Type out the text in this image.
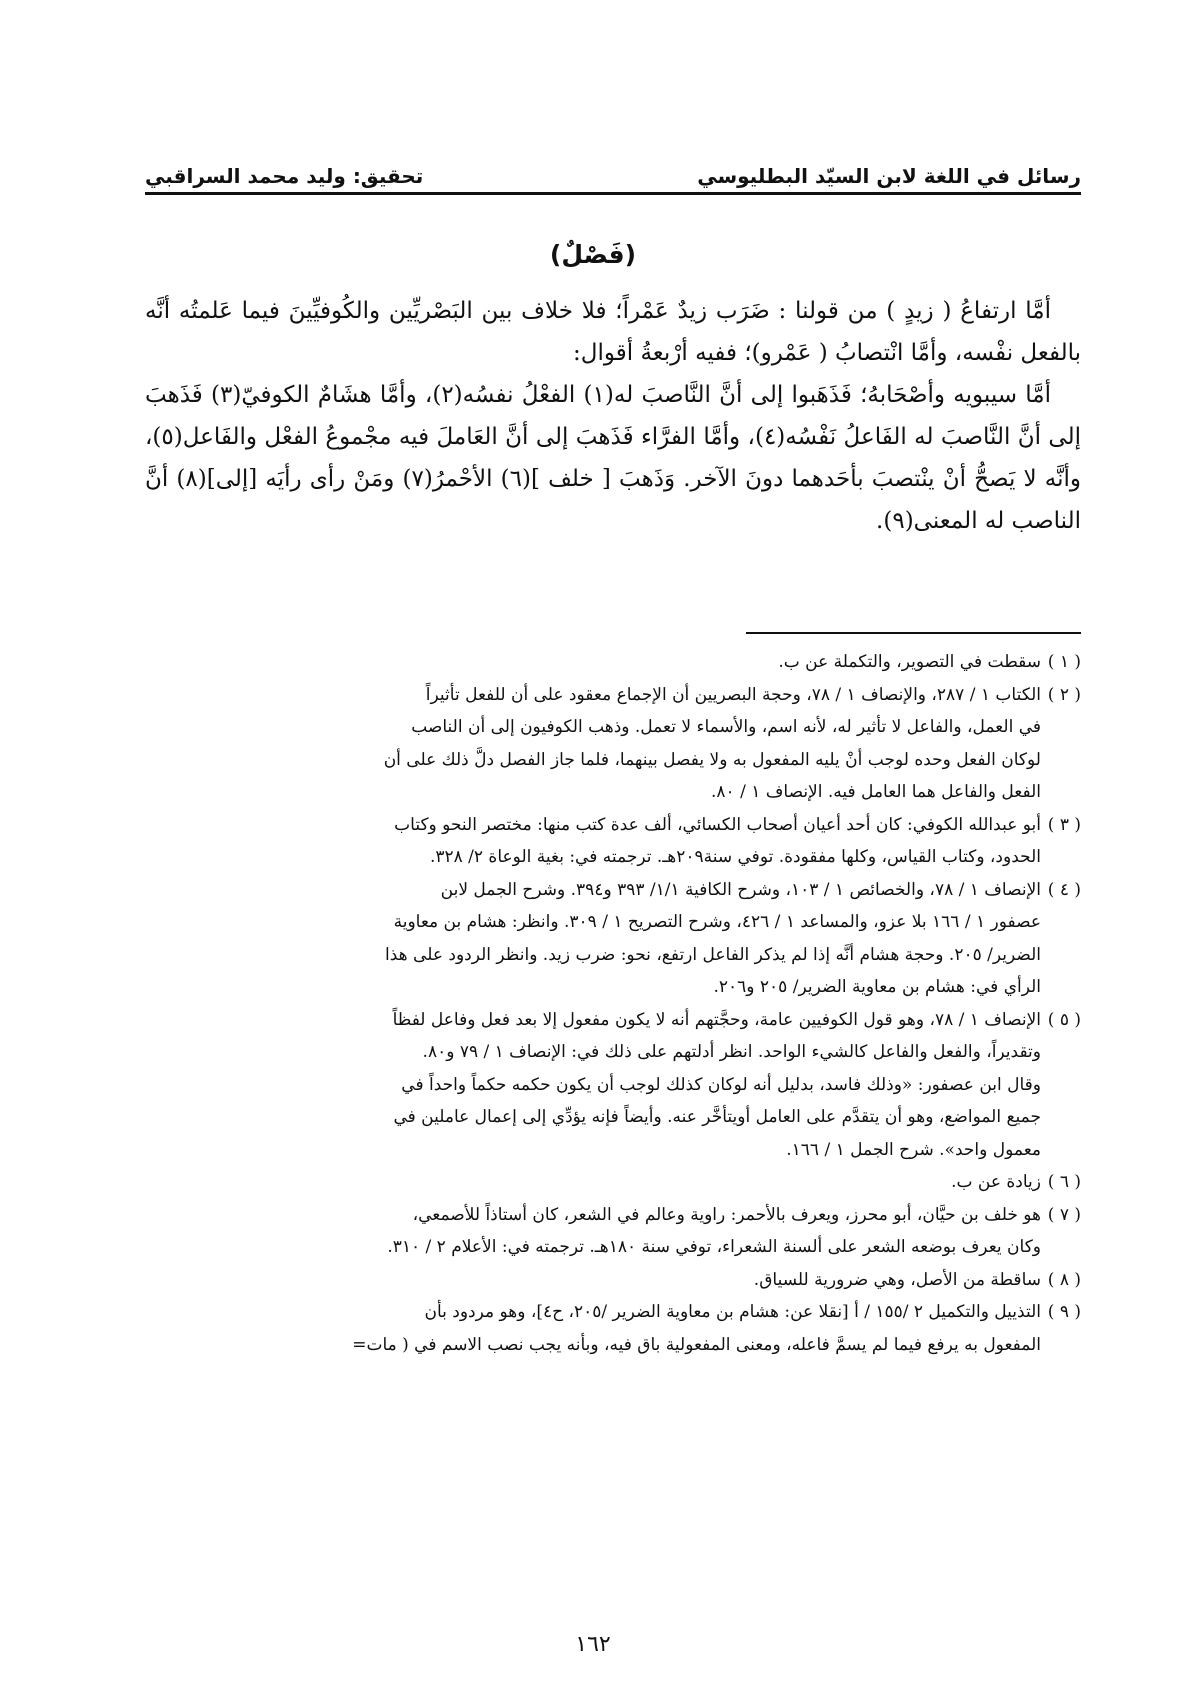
رسائل في اللغة لابن السيّد البطليوسي
تحقيق: وليد محمد السراقبي
(فَصْلٌ)

أمَّا ارتفاعُ ( زيدٍ ) من قولنا : ضَرَب زيدٌ عَمْراً؛ فلا خلاف بين البَصْريِّين والكُوفيِّينَ فيما عَلمتُه أنَّه بالفعل نفْسه، وأمَّا انْتصابُ ( عَمْرو)؛ ففيه أرْبعةُ أقوال:

أمَّا سيبويه وأصْحَابهُ؛ فَذَهَبوا إلى أنَّ النَّاصبَ له(١) الفعْلُ نفسُه(٢)، وأمَّا هشَامٌ الكوفيّ(٣) فَذَهبَ إلى أنَّ النَّاصبَ له الفَاعلُ نَفْسُه(٤)، وأمَّا الفرَّاء فَذَهبَ إلى أنَّ العَاملَ فيه مجْموعُ الفعْل والفَاعل(٥)، وأنَّه لا يَصحُّ أنْ ينْتصبَ بأحَدهما دونَ الآخر. وَذَهبَ [ خلف ](٦) الأحْمرُ(٧) ومَنْ رأى رأيَه [إلى](٨) أنَّ الناصب له المعنى(٩).

( ١ )
سقطت في التصوير، والتكملة عن ب.
( ٢ )
الكتاب ١ / ٢٨٧، والإنصاف ١ / ٧٨، وحجة البصريين أن الإجماع معقود على أن للفعل تأثيراً
في العمل، والفاعل لا تأثير له، لأنه اسم، والأسماء لا تعمل. وذهب الكوفيون إلى أن الناصب
لوكان الفعل وحده لوجب أنْ يليه المفعول به ولا يفصل بينهما، فلما جاز الفصل دلَّ ذلك على أن
الفعل والفاعل هما العامل فيه. الإنصاف ١ / ٨٠.
( ٣ )
أبو عبدالله الكوفي: كان أحد أعيان أصحاب الكسائي، ألف عدة كتب منها: مختصر النحو وكتاب
الحدود، وكتاب القياس، وكلها مفقودة. توفي سنة٢٠٩هـ. ترجمته في: بغية الوعاة ٢/ ٣٢٨.
( ٤ )
الإنصاف ١ / ٧٨، والخصائص ١ / ١٠٣، وشرح الكافية ١/١/ ٣٩٣ و٣٩٤. وشرح الجمل لابن
عصفور ١ / ١٦٦ بلا عزو، والمساعد ١ / ٤٢٦، وشرح التصريح ١ / ٣٠٩. وانظر: هشام بن معاوية
الضرير/ ٢٠٥. وحجة هشام أنَّه إذا لم يذكر الفاعل ارتفع، نحو: ضرب زيد. وانظر الردود على هذا
الرأي في: هشام بن معاوية الضرير/ ٢٠٥ و٢٠٦.
( ٥ )
الإنصاف ١ / ٧٨، وهو قول الكوفيين عامة، وحجَّتهم أنه لا يكون مفعول إلا بعد فعل وفاعل لفظاً
وتقديراً، والفعل والفاعل كالشيء الواحد. انظر أدلتهم على ذلك في: الإنصاف ١ / ٧٩ و٨٠.
وقال ابن عصفور: «وذلك فاسد، بدليل أنه لوكان كذلك لوجب أن يكون حكمه حكماً واحداً في
جميع المواضع، وهو أن يتقدَّم على العامل أويتأخَّر عنه. وأيضاً فإنه يؤدِّي إلى إعمال عاملين في
معمول واحد». شرح الجمل ١ / ١٦٦.
( ٦ )
زيادة عن ب.
( ٧ )
هو خلف بن حيَّان، أبو محرز، ويعرف بالأحمر: راوية وعالم في الشعر، كان أستاذاً للأصمعي،
وكان يعرف بوضعه الشعر على ألسنة الشعراء، توفي سنة ١٨٠هـ. ترجمته في: الأعلام ٢ / ٣١٠.
( ٨ )
ساقطة من الأصل، وهي ضرورية للسياق.
( ٩ )
التذييل والتكميل ٢ /١٥٥ / أ [نقلا عن: هشام بن معاوية الضرير /٢٠٥، ح٤]، وهو مردود بأن
المفعول به يرفع فيما لم يسمَّ فاعله، ومعنى المفعولية باق فيه، وبأنه يجب نصب الاسم في ( مات=
١٦٢
